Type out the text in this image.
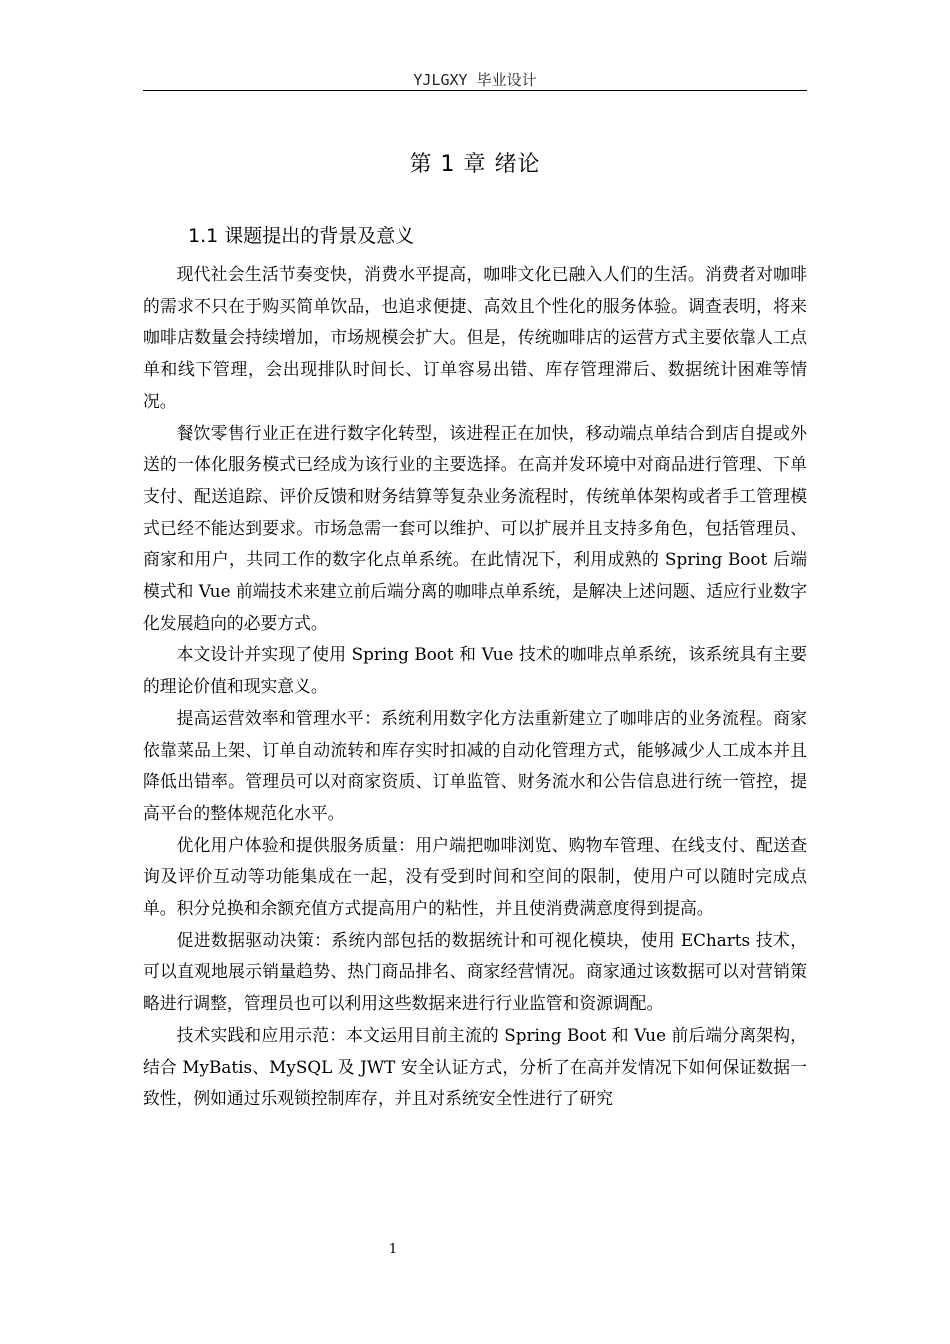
YJLGXY 毕业设计
第 1 章 绪论
1.1 课题提出的背景及意义

现代社会生活节奏变快，消费水平提高，咖啡文化已融入人们的生活。消费者对咖啡的需求不只在于购买简单饮品，也追求便捷、高效且个性化的服务体验。调查表明，将来咖啡店数量会持续增加，市场规模会扩大。但是，传统咖啡店的运营方式主要依靠人工点单和线下管理，会出现排队时间长、订单容易出错、库存管理滞后、数据统计困难等情况。

餐饮零售行业正在进行数字化转型，该进程正在加快，移动端点单结合到店自提或外送的一体化服务模式已经成为该行业的主要选择。在高并发环境中对商品进行管理、下单支付、配送追踪、评价反馈和财务结算等复杂业务流程时，传统单体架构或者手工管理模式已经不能达到要求。市场急需一套可以维护、可以扩展并且支持多角色，包括管理员、商家和用户，共同工作的数字化点单系统。在此情况下，利用成熟的 Spring Boot 后端模式和 Vue 前端技术来建立前后端分离的咖啡点单系统，是解决上述问题、适应行业数字化发展趋向的必要方式。

本文设计并实现了使用 Spring Boot 和 Vue 技术的咖啡点单系统，该系统具有主要的理论价值和现实意义。

提高运营效率和管理水平：系统利用数字化方法重新建立了咖啡店的业务流程。商家依靠菜品上架、订单自动流转和库存实时扣减的自动化管理方式，能够减少人工成本并且降低出错率。管理员可以对商家资质、订单监管、财务流水和公告信息进行统一管控，提高平台的整体规范化水平。

优化用户体验和提供服务质量：用户端把咖啡浏览、购物车管理、在线支付、配送查询及评价互动等功能集成在一起，没有受到时间和空间的限制，使用户可以随时完成点单。积分兑换和余额充值方式提高用户的粘性，并且使消费满意度得到提高。

促进数据驱动决策：系统内部包括的数据统计和可视化模块，使用 ECharts 技术，可以直观地展示销量趋势、热门商品排名、商家经营情况。商家通过该数据可以对营销策略进行调整，管理员也可以利用这些数据来进行行业监管和资源调配。

技术实践和应用示范：本文运用目前主流的 Spring Boot 和 Vue 前后端分离架构，结合 MyBatis、MySQL 及 JWT 安全认证方式，分析了在高并发情况下如何保证数据一致性，例如通过乐观锁控制库存，并且对系统安全性进行了研究

1
